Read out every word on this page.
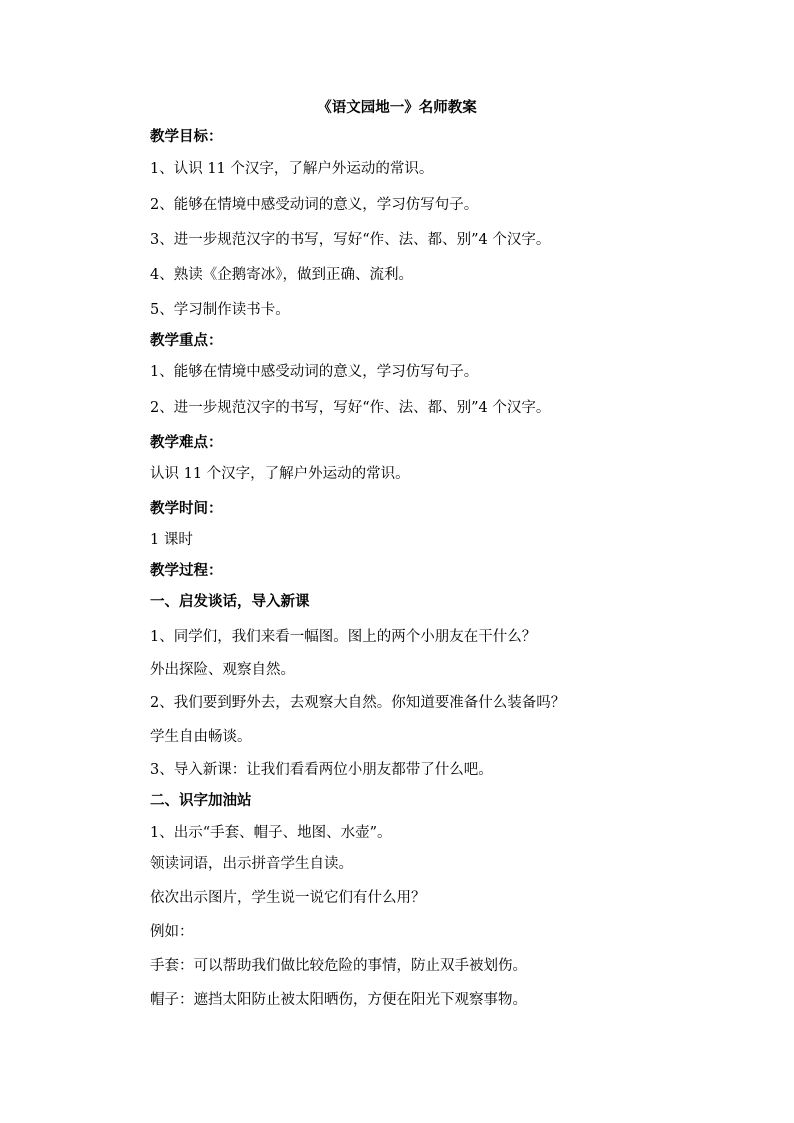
《语文园地一》名师教案
教学目标：
1、认识 11 个汉字，了解户外运动的常识。
2、能够在情境中感受动词的意义，学习仿写句子。
3、进一步规范汉字的书写，写好“作、法、都、别”4 个汉字。
4、熟读《企鹅寄冰》，做到正确、流利。
5、学习制作读书卡。
教学重点：
1、能够在情境中感受动词的意义，学习仿写句子。
2、进一步规范汉字的书写，写好“作、法、都、别”4 个汉字。
教学难点：
认识 11 个汉字，了解户外运动的常识。
教学时间：
1 课时
教学过程：
一、启发谈话，导入新课
1、同学们，我们来看一幅图。图上的两个小朋友在干什么？
外出探险、观察自然。
2、我们要到野外去，去观察大自然。你知道要准备什么装备吗？
学生自由畅谈。
3、导入新课：让我们看看两位小朋友都带了什么吧。
二、识字加油站
1、出示“手套、帽子、地图、水壶”。
领读词语，出示拼音学生自读。
依次出示图片，学生说一说它们有什么用？
例如：
手套：可以帮助我们做比较危险的事情，防止双手被划伤。
帽子：遮挡太阳防止被太阳晒伤，方便在阳光下观察事物。
